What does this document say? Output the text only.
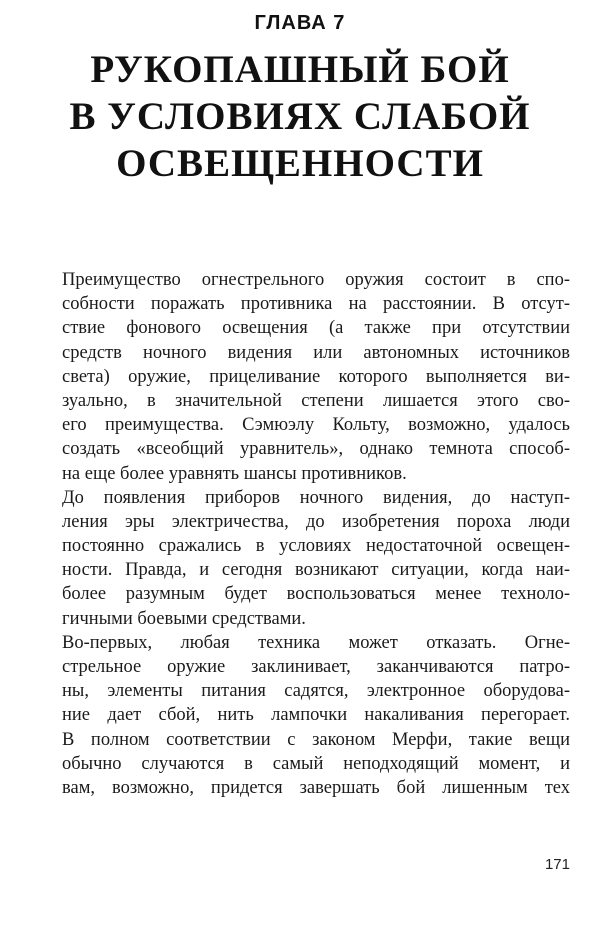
ГЛАВА 7
РУКОПАШНЫЙ БОЙ
В УСЛОВИЯХ СЛАБОЙ
ОСВЕЩЕННОСТИ
Преимущество огнестрельного оружия состоит в спо-
собности поражать противника на расстоянии. В отсут-
ствие фонового освещения (а также при отсутствии
средств ночного видения или автономных источников
света) оружие, прицеливание которого выполняется ви-
зуально, в значительной степени лишается этого сво-
его преимущества. Сэмюэлу Кольту, возможно, удалось
создать «всеобщий уравнитель», однако темнота способ-
на еще более уравнять шансы противников.
До появления приборов ночного видения, до наступ-
ления эры электричества, до изобретения пороха люди
постоянно сражались в условиях недостаточной освещен-
ности. Правда, и сегодня возникают ситуации, когда наи-
более разумным будет воспользоваться менее техноло-
гичными боевыми средствами.
Во-первых, любая техника может отказать. Огне-
стрельное оружие заклинивает, заканчиваются патро-
ны, элементы питания садятся, электронное оборудова-
ние дает сбой, нить лампочки накаливания перегорает.
В полном соответствии с законом Мерфи, такие вещи
обычно случаются в самый неподходящий момент, и
вам, возможно, придется завершать бой лишенным тех
171
